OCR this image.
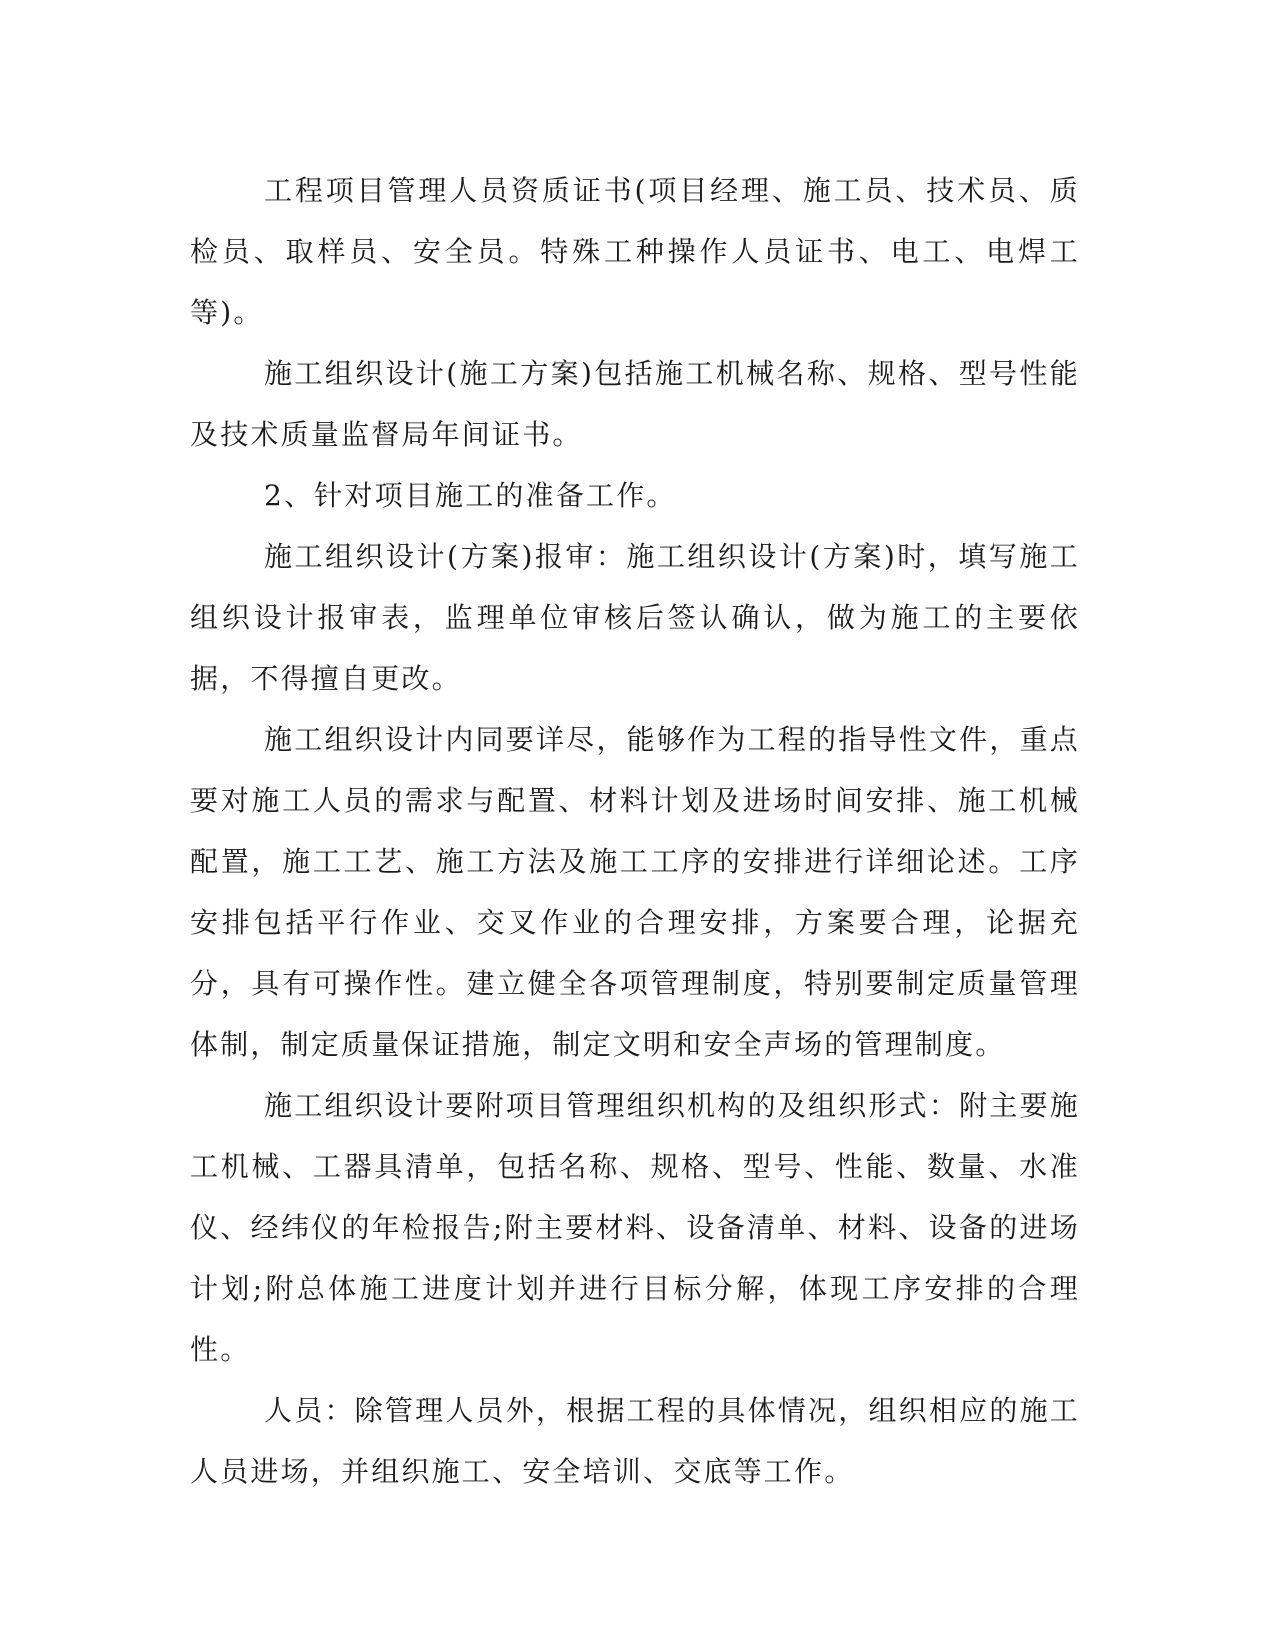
工程项目管理人员资质证书(项目经理、施工员、技术员、质检员、取样员、安全员。特殊工种操作人员证书、电工、电焊工等)。

施工组织设计(施工方案)包括施工机械名称、规格、型号性能及技术质量监督局年间证书。

2、针对项目施工的准备工作。

施工组织设计(方案)报审：施工组织设计(方案)时，填写施工组织设计报审表，监理单位审核后签认确认，做为施工的主要依据，不得擅自更改。

施工组织设计内同要详尽，能够作为工程的指导性文件，重点要对施工人员的需求与配置、材料计划及进场时间安排、施工机械配置，施工工艺、施工方法及施工工序的安排进行详细论述。工序安排包括平行作业、交叉作业的合理安排，方案要合理，论据充分，具有可操作性。建立健全各项管理制度，特别要制定质量管理体制，制定质量保证措施，制定文明和安全声场的管理制度。

施工组织设计要附项目管理组织机构的及组织形式：附主要施工机械、工器具清单，包括名称、规格、型号、性能、数量、水准仪、经纬仪的年检报告;附主要材料、设备清单、材料、设备的进场计划;附总体施工进度计划并进行目标分解，体现工序安排的合理性。

人员：除管理人员外，根据工程的具体情况，组织相应的施工人员进场，并组织施工、安全培训、交底等工作。
